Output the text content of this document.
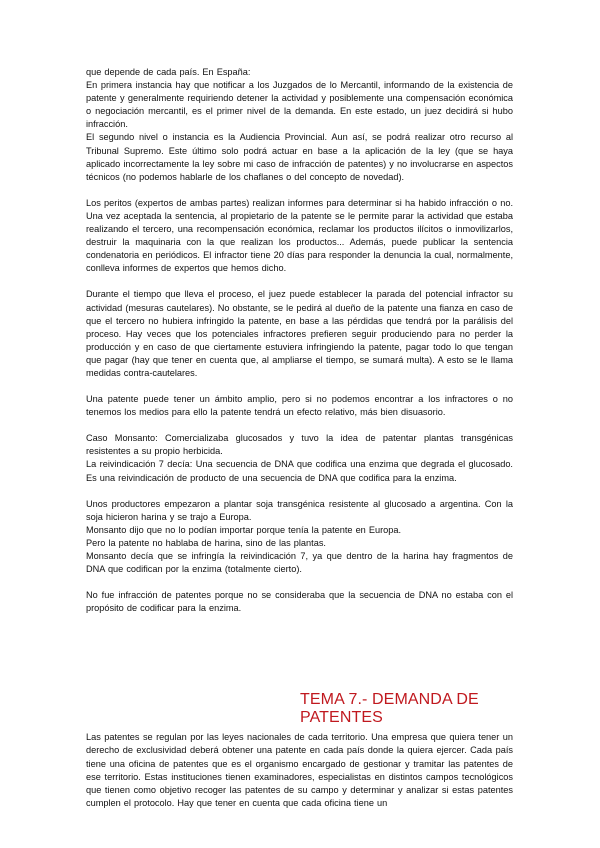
que depende de cada país. En España:

En primera instancia hay que notificar a los Juzgados de lo Mercantil, informando de la existencia de patente y generalmente requiriendo detener la actividad y posiblemente una compensación económica o negociación mercantil, es el primer nivel de la demanda. En este estado, un juez decidirá si hubo infracción.

El segundo nivel o instancia es la Audiencia Provincial. Aun así, se podrá realizar otro recurso al Tribunal Supremo. Este último solo podrá actuar en base a la aplicación de la ley (que se haya aplicado incorrectamente la ley sobre mi caso de infracción de patentes) y no involucrarse en aspectos técnicos (no podemos hablarle de los chaflanes o del concepto de novedad).

Los peritos (expertos de ambas partes) realizan informes para determinar si ha habido infracción o no. Una vez aceptada la sentencia, al propietario de la patente se le permite parar la actividad que estaba realizando el tercero, una recompensación económica, reclamar los productos ilícitos o inmovilizarlos, destruir la maquinaria con la que realizan los productos... Además, puede publicar la sentencia condenatoria en periódicos. El infractor tiene 20 días para responder la denuncia la cual, normalmente, conlleva informes de expertos que hemos dicho.

Durante el tiempo que lleva el proceso, el juez puede establecer la parada del potencial infractor su actividad (mesuras cautelares). No obstante, se le pedirá al dueño de la patente una fianza en caso de que el tercero no hubiera infringido la patente, en base a las pérdidas que tendrá por la parálisis del proceso. Hay veces que los potenciales infractores prefieren seguir produciendo para no perder la producción y en caso de que ciertamente estuviera infringiendo la patente, pagar todo lo que tengan que pagar (hay que tener en cuenta que, al ampliarse el tiempo, se sumará multa). A esto se le llama medidas contra-cautelares.

Una patente puede tener un ámbito amplio, pero si no podemos encontrar a los infractores o no tenemos los medios para ello la patente tendrá un efecto relativo, más bien disuasorio.

Caso Monsanto: Comercializaba glucosados y tuvo la idea de patentar plantas transgénicas resistentes a su propio herbicida.

La reivindicación 7 decía: Una secuencia de DNA que codifica una enzima que degrada el glucosado. Es una reivindicación de producto de una secuencia de DNA que codifica para la enzima.

Unos productores empezaron a plantar soja transgénica resistente al glucosado a argentina. Con la soja hicieron harina y se trajo a Europa.

Monsanto dijo que no lo podían importar porque tenía la patente en Europa.

Pero la patente no hablaba de harina, sino de las plantas.

Monsanto decía que se infringía la reivindicación 7, ya que dentro de la harina hay fragmentos de DNA que codifican por la enzima (totalmente cierto).

No fue infracción de patentes porque no se consideraba que la secuencia de DNA no estaba con el propósito de codificar para la enzima.

TEMA 7.- DEMANDA DE
PATENTES

Las patentes se regulan por las leyes nacionales de cada territorio. Una empresa que quiera tener un derecho de exclusividad deberá obtener una patente en cada país donde la quiera ejercer. Cada país tiene una oficina de patentes que es el organismo encargado de gestionar y tramitar las patentes de ese territorio. Estas instituciones tienen examinadores, especialistas en distintos campos tecnológicos que tienen como objetivo recoger las patentes de su campo y determinar y analizar si estas patentes cumplen el protocolo. Hay que tener en cuenta que cada oficina tiene un
